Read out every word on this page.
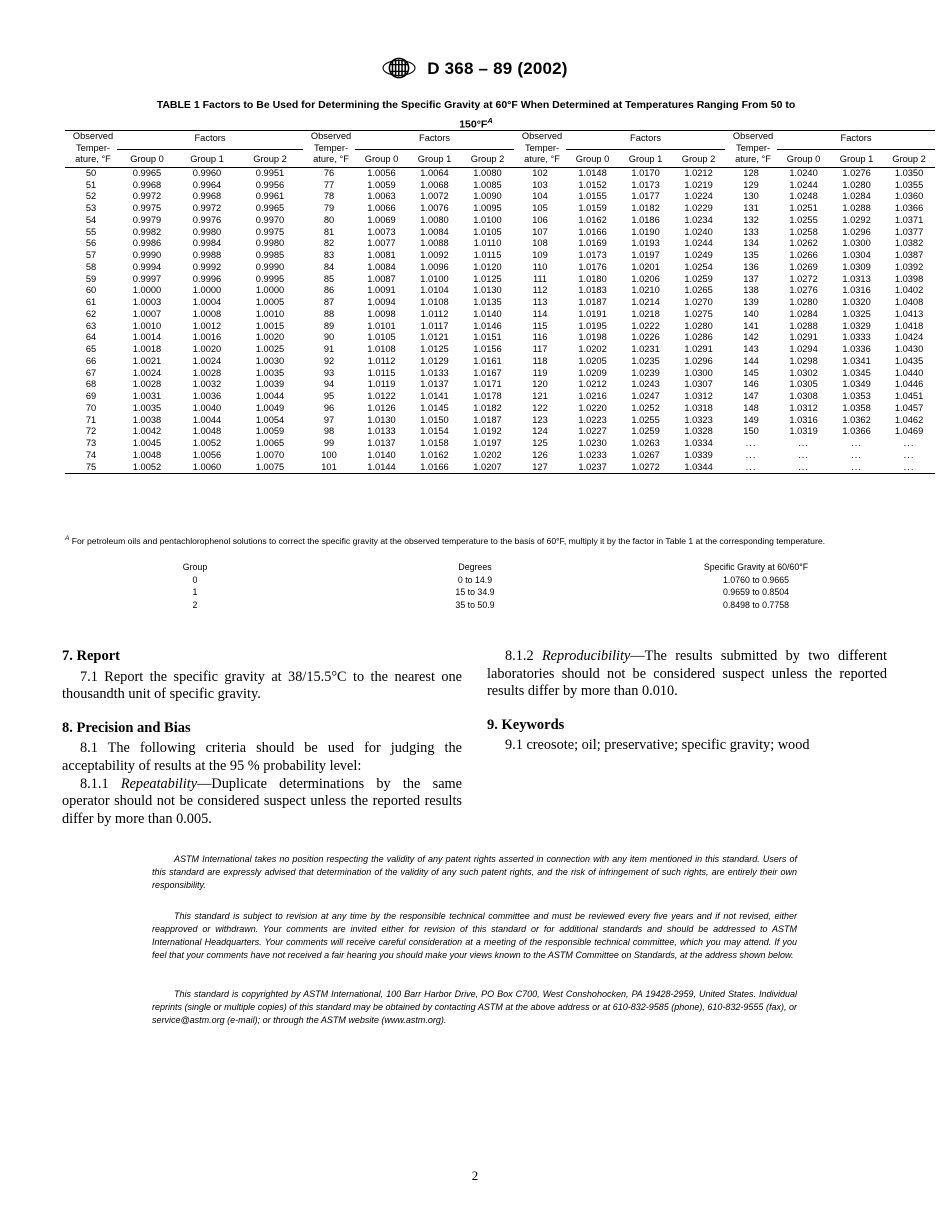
D 368 – 89 (2002)
TABLE 1 Factors to Be Used for Determining the Specific Gravity at 60°F When Determined at Temperatures Ranging From 50 to
$150^\circ F^A$
Observed
Temper-
ature, °F	Factors			Observed
Temper-
ature, °F	Factors			Observed
Temper-
ature, °F	Factors			Observed
Temper-
ature, °F	Factors		

	Group 0	Group 1	Group 2		Group 0	Group 1	Group 2		Group 0	Group 1	Group 2		Group 0	Group 1	Group 2
50	0.9965	0.9960	0.9951	76	1.0056	1.0064	1.0080	102	1.0148	1.0170	1.0212	128	1.0240	1.0276	1.0350
51	0.9968	0.9964	0.9956	77	1.0059	1.0068	1.0085	103	1.0152	1.0173	1.0219	129	1.0244	1.0280	1.0355
52	0.9972	0.9968	0.9961	78	1.0063	1.0072	1.0090	104	1.0155	1.0177	1.0224	130	1.0248	1.0284	1.0360
53	0.9975	0.9972	0.9965	79	1.0066	1.0076	1.0095	105	1.0159	1.0182	1.0229	131	1.0251	1.0288	1.0366
54	0.9979	0.9976	0.9970	80	1.0069	1.0080	1.0100	106	1.0162	1.0186	1.0234	132	1.0255	1.0292	1.0371
55	0.9982	0.9980	0.9975	81	1.0073	1.0084	1.0105	107	1.0166	1.0190	1.0240	133	1.0258	1.0296	1.0377
56	0.9986	0.9984	0.9980	82	1.0077	1.0088	1.0110	108	1.0169	1.0193	1.0244	134	1.0262	1.0300	1.0382
57	0.9990	0.9988	0.9985	83	1.0081	1.0092	1.0115	109	1.0173	1.0197	1.0249	135	1.0266	1.0304	1.0387
58	0.9994	0.9992	0.9990	84	1.0084	1.0096	1.0120	110	1.0176	1.0201	1.0254	136	1.0269	1.0309	1.0392
59	0.9997	0.9996	0.9995	85	1.0087	1.0100	1.0125	111	1.0180	1.0206	1.0259	137	1.0272	1.0313	1.0398
60	1.0000	1.0000	1.0000	86	1.0091	1.0104	1.0130	112	1.0183	1.0210	1.0265	138	1.0276	1.0316	1.0402
61	1.0003	1.0004	1.0005	87	1.0094	1.0108	1.0135	113	1.0187	1.0214	1.0270	139	1.0280	1.0320	1.0408
62	1.0007	1.0008	1.0010	88	1.0098	1.0112	1.0140	114	1.0191	1.0218	1.0275	140	1.0284	1.0325	1.0413
63	1.0010	1.0012	1.0015	89	1.0101	1.0117	1.0146	115	1.0195	1.0222	1.0280	141	1.0288	1.0329	1.0418
64	1.0014	1.0016	1.0020	90	1.0105	1.0121	1.0151	116	1.0198	1.0226	1.0286	142	1.0291	1.0333	1.0424
65	1.0018	1.0020	1.0025	91	1.0108	1.0125	1.0156	117	1.0202	1.0231	1.0291	143	1.0294	1.0336	1.0430
66	1.0021	1.0024	1.0030	92	1.0112	1.0129	1.0161	118	1.0205	1.0235	1.0296	144	1.0298	1.0341	1.0435
67	1.0024	1.0028	1.0035	93	1.0115	1.0133	1.0167	119	1.0209	1.0239	1.0300	145	1.0302	1.0345	1.0440
68	1.0028	1.0032	1.0039	94	1.0119	1.0137	1.0171	120	1.0212	1.0243	1.0307	146	1.0305	1.0349	1.0446
69	1.0031	1.0036	1.0044	95	1.0122	1.0141	1.0178	121	1.0216	1.0247	1.0312	147	1.0308	1.0353	1.0451
70	1.0035	1.0040	1.0049	96	1.0126	1.0145	1.0182	122	1.0220	1.0252	1.0318	148	1.0312	1.0358	1.0457
71	1.0038	1.0044	1.0054	97	1.0130	1.0150	1.0187	123	1.0223	1.0255	1.0323	149	1.0316	1.0362	1.0462
72	1.0042	1.0048	1.0059	98	1.0133	1.0154	1.0192	124	1.0227	1.0259	1.0328	150	1.0319	1.0366	1.0469
73	1.0045	1.0052	1.0065	99	1.0137	1.0158	1.0197	125	1.0230	1.0263	1.0334	...	...	...	...
74	1.0048	1.0056	1.0070	100	1.0140	1.0162	1.0202	126	1.0233	1.0267	1.0339	...	...	...	...
75	1.0052	1.0060	1.0075	101	1.0144	1.0166	1.0207	127	1.0237	1.0272	1.0344	...	...	...	...
$^A$ For petroleum oils and pentachlorophenol solutions to correct the specific gravity at the observed temperature to the basis of 60°F, multiply it by the factor in Table 1 at the corresponding temperature.
Group	Degrees	Specific Gravity at 60/60°F
0	0 to 14.9	1.0760 to 0.9665
1	15 to 34.9	0.9659 to 0.8504
2	35 to 50.9	0.8498 to 0.7758
7. Report

7.1 Report the specific gravity at 38/15.5°C to the nearest one thousandth unit of specific gravity.

8. Precision and Bias

8.1 The following criteria should be used for judging the acceptability of results at the 95 % probability level:

8.1.1 Repeatability—Duplicate determinations by the same operator should not be considered suspect unless the reported results differ by more than 0.005.

8.1.2 Reproducibility—The results submitted by two different laboratories should not be considered suspect unless the reported results differ by more than 0.010.

9. Keywords

9.1 creosote; oil; preservative; specific gravity; wood

ASTM International takes no position respecting the validity of any patent rights asserted in connection with any item mentioned in this standard. Users of this standard are expressly advised that determination of the validity of any such patent rights, and the risk of infringement of such rights, are entirely their own responsibility.

This standard is subject to revision at any time by the responsible technical committee and must be reviewed every five years and if not revised, either reapproved or withdrawn. Your comments are invited either for revision of this standard or for additional standards and should be addressed to ASTM International Headquarters. Your comments will receive careful consideration at a meeting of the responsible technical committee, which you may attend. If you feel that your comments have not received a fair hearing you should make your views known to the ASTM Committee on Standards, at the address shown below.

This standard is copyrighted by ASTM International, 100 Barr Harbor Drive, PO Box C700, West Conshohocken, PA 19428-2959, United States. Individual reprints (single or multiple copies) of this standard may be obtained by contacting ASTM at the above address or at 610-832-9585 (phone), 610-832-9555 (fax), or service@astm.org (e-mail); or through the ASTM website (www.astm.org).

2
